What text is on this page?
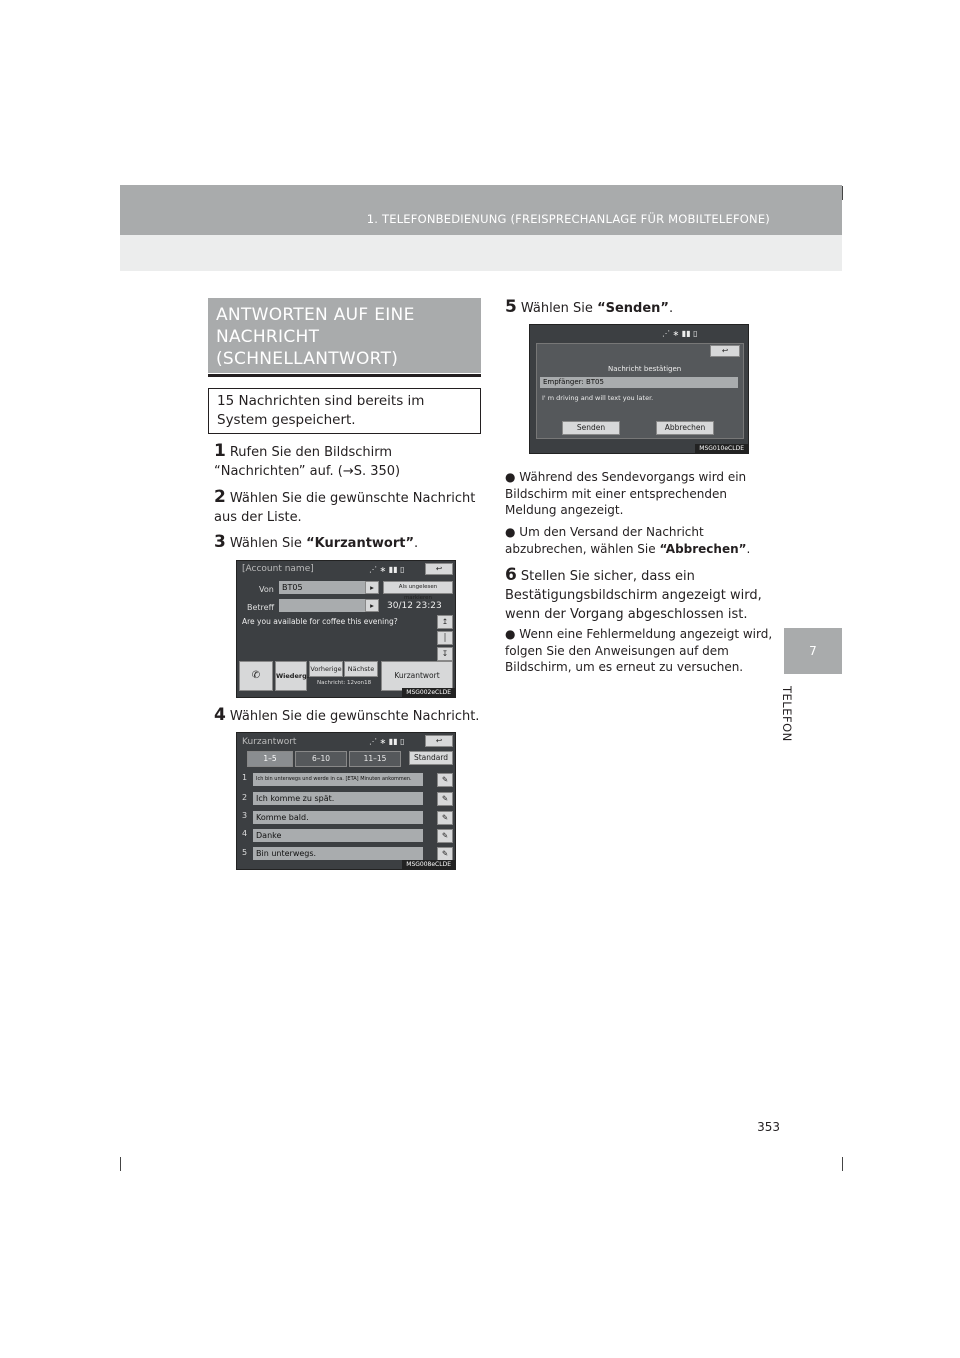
1. TELEFONBEDIENUNG (FREISPRECHANLAGE FÜR MOBILTELEFONE)
7
TELEFON
ANTWORTEN AUF EINE
NACHRICHT
(SCHNELLANTWORT)
15 Nachrichten sind bereits im System gespeichert.
1 Rufen Sie den Bildschirm “Nachrichten” auf. (→S. 350)
2 Wählen Sie die gewünschte Nachricht aus der Liste.
3 Wählen Sie “Kurzantwort”.
[Account name]	⋰ ∗ ▮▮ ▯	↩
Von	BT05	▸	Als ungelesen markieren
Betreff	▸	30/12 23:23
Are you available for coffee this evening?	↥
│
↧
✆	Wiederg.
Vorherige Nächste
Nachricht: 12von18
Kurzantwort
MSG002eCLDE
4 Wählen Sie die gewünschte Nachricht.
Kurzantwort	⋰ ∗ ▮▮ ▯	↩
1–5	6–10	11–15	Standard
1	Ich bin unterwegs und werde in ca. [ETA] Minuten ankommen.	✎
2	Ich komme zu spät.	✎
3	Komme bald.	✎
4	Danke	✎
5	Bin unterwegs.	✎
MSG008eCLDE
5 Wählen Sie “Senden”.
⋰ ∗ ▮▮ ▯
↩
Nachricht bestätigen
Empfänger: BT05
I' m driving and will text you later.
Senden	Abbrechen
MSG010eCLDE
● Während des Sendevorgangs wird ein Bildschirm mit einer entsprechenden Meldung angezeigt.
● Um den Versand der Nachricht abzubrechen, wählen Sie “Abbrechen”.
6 Stellen Sie sicher, dass ein Bestätigungsbildschirm angezeigt wird, wenn der Vorgang abgeschlossen ist.
● Wenn eine Fehlermeldung angezeigt wird, folgen Sie den Anweisungen auf dem Bildschirm, um es erneut zu versuchen.
353
